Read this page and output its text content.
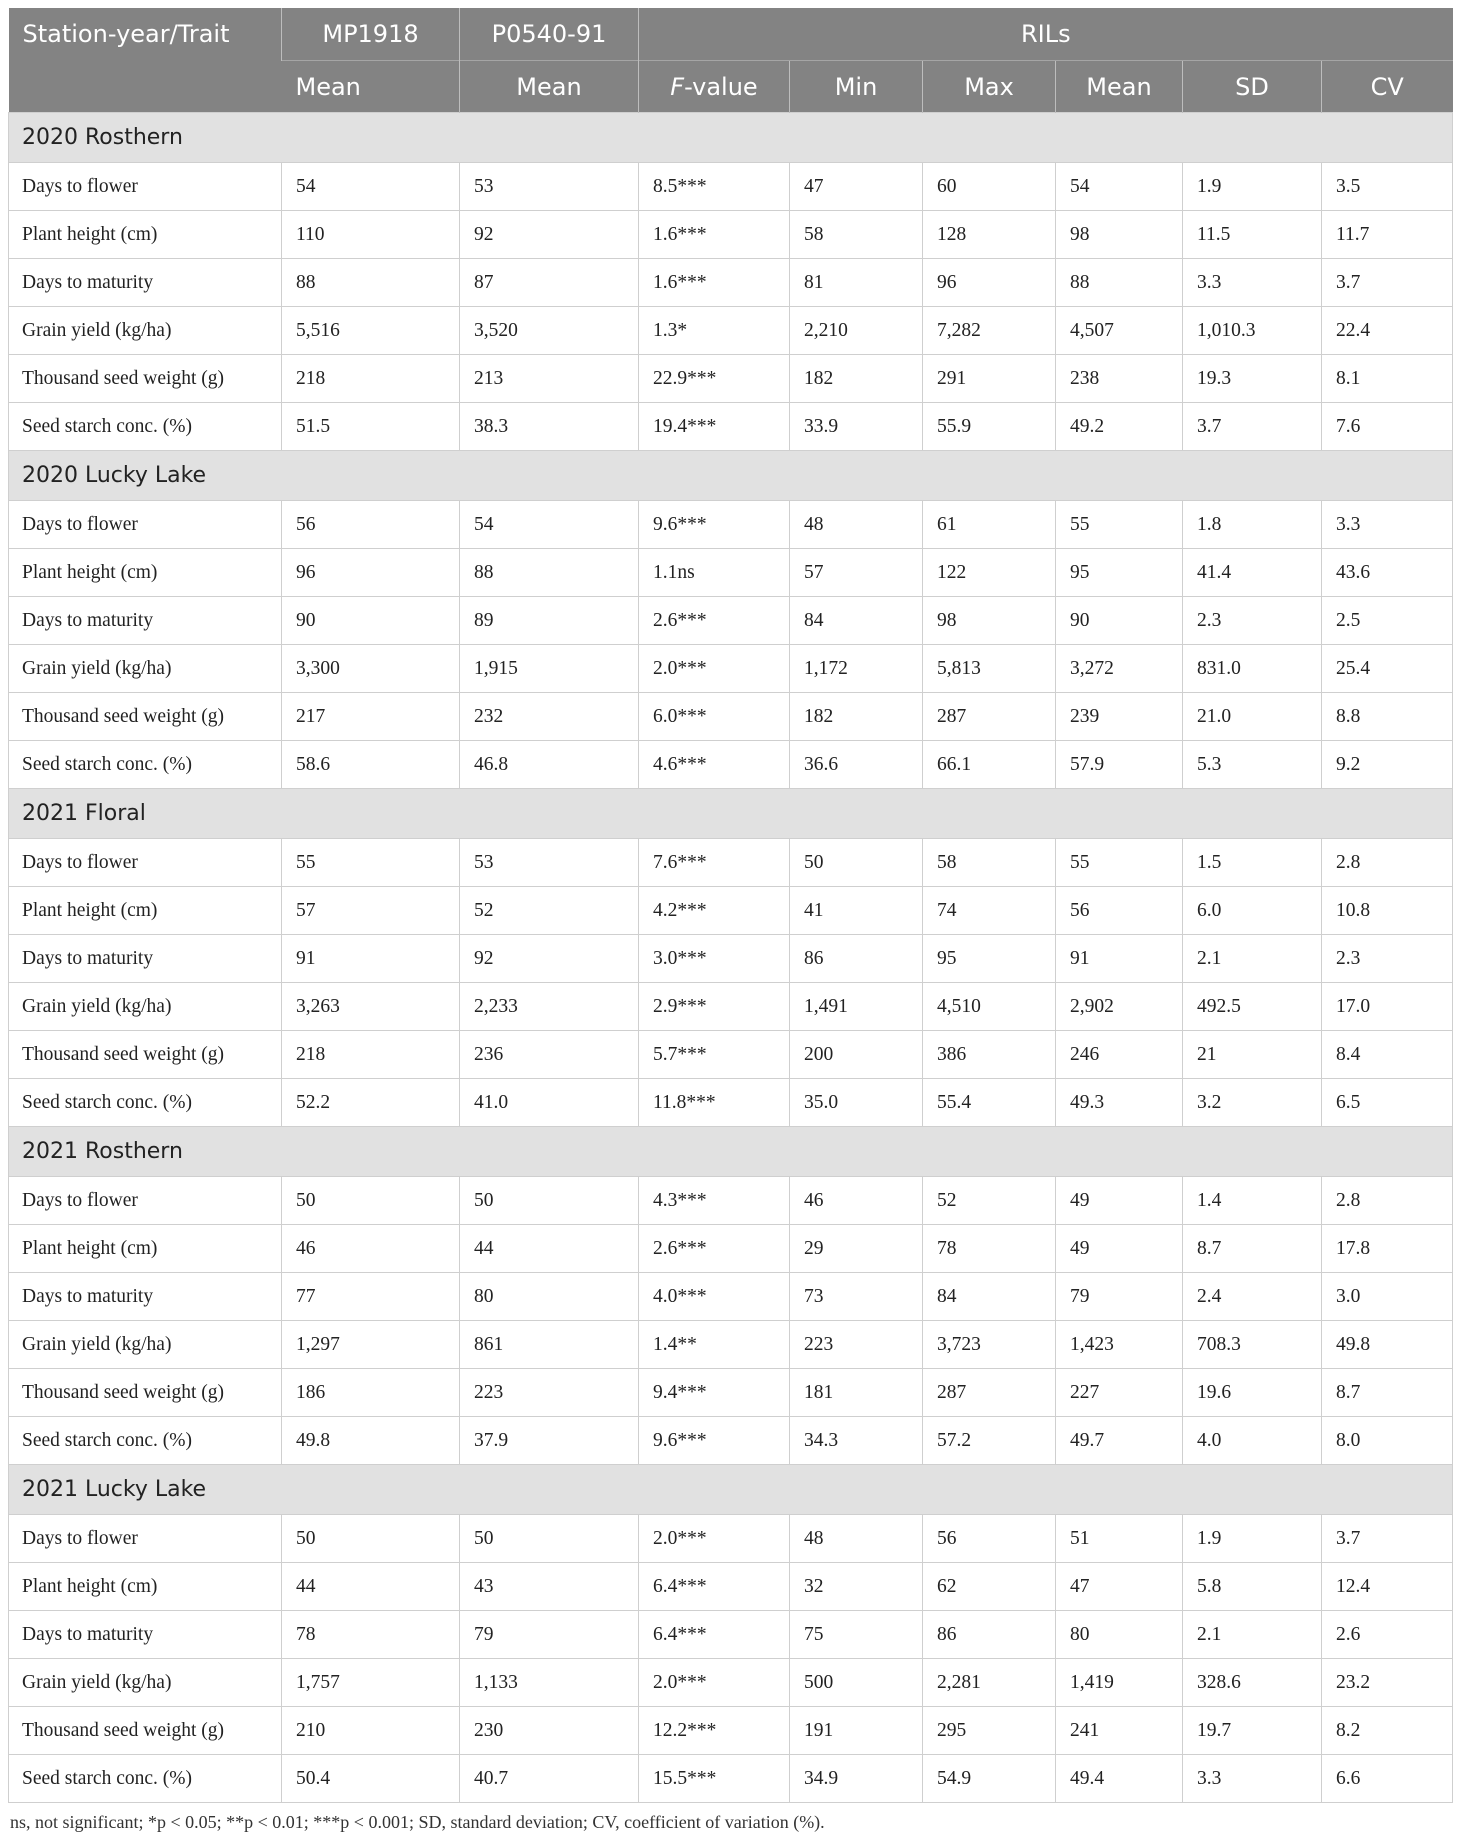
Station-year/Trait	MP1918	P0540-91	RILs					
	Mean	Mean	F-value	Min	Max	Mean	SD	CV
2020 Rosthern								
Days to flower	54	53	8.5***	47	60	54	1.9	3.5
Plant height (cm)	110	92	1.6***	58	128	98	11.5	11.7
Days to maturity	88	87	1.6***	81	96	88	3.3	3.7
Grain yield (kg/ha)	5,516	3,520	1.3*	2,210	7,282	4,507	1,010.3	22.4
Thousand seed weight (g)	218	213	22.9***	182	291	238	19.3	8.1
Seed starch conc. (%)	51.5	38.3	19.4***	33.9	55.9	49.2	3.7	7.6
2020 Lucky Lake								
Days to flower	56	54	9.6***	48	61	55	1.8	3.3
Plant height (cm)	96	88	1.1ns	57	122	95	41.4	43.6
Days to maturity	90	89	2.6***	84	98	90	2.3	2.5
Grain yield (kg/ha)	3,300	1,915	2.0***	1,172	5,813	3,272	831.0	25.4
Thousand seed weight (g)	217	232	6.0***	182	287	239	21.0	8.8
Seed starch conc. (%)	58.6	46.8	4.6***	36.6	66.1	57.9	5.3	9.2
2021 Floral								
Days to flower	55	53	7.6***	50	58	55	1.5	2.8
Plant height (cm)	57	52	4.2***	41	74	56	6.0	10.8
Days to maturity	91	92	3.0***	86	95	91	2.1	2.3
Grain yield (kg/ha)	3,263	2,233	2.9***	1,491	4,510	2,902	492.5	17.0
Thousand seed weight (g)	218	236	5.7***	200	386	246	21	8.4
Seed starch conc. (%)	52.2	41.0	11.8***	35.0	55.4	49.3	3.2	6.5
2021 Rosthern								
Days to flower	50	50	4.3***	46	52	49	1.4	2.8
Plant height (cm)	46	44	2.6***	29	78	49	8.7	17.8
Days to maturity	77	80	4.0***	73	84	79	2.4	3.0
Grain yield (kg/ha)	1,297	861	1.4**	223	3,723	1,423	708.3	49.8
Thousand seed weight (g)	186	223	9.4***	181	287	227	19.6	8.7
Seed starch conc. (%)	49.8	37.9	9.6***	34.3	57.2	49.7	4.0	8.0
2021 Lucky Lake								
Days to flower	50	50	2.0***	48	56	51	1.9	3.7
Plant height (cm)	44	43	6.4***	32	62	47	5.8	12.4
Days to maturity	78	79	6.4***	75	86	80	2.1	2.6
Grain yield (kg/ha)	1,757	1,133	2.0***	500	2,281	1,419	328.6	23.2
Thousand seed weight (g)	210	230	12.2***	191	295	241	19.7	8.2
Seed starch conc. (%)	50.4	40.7	15.5***	34.9	54.9	49.4	3.3	6.6
ns, not significant; *p < 0.05; **p < 0.01; ***p < 0.001; SD, standard deviation; CV, coefficient of variation (%).
